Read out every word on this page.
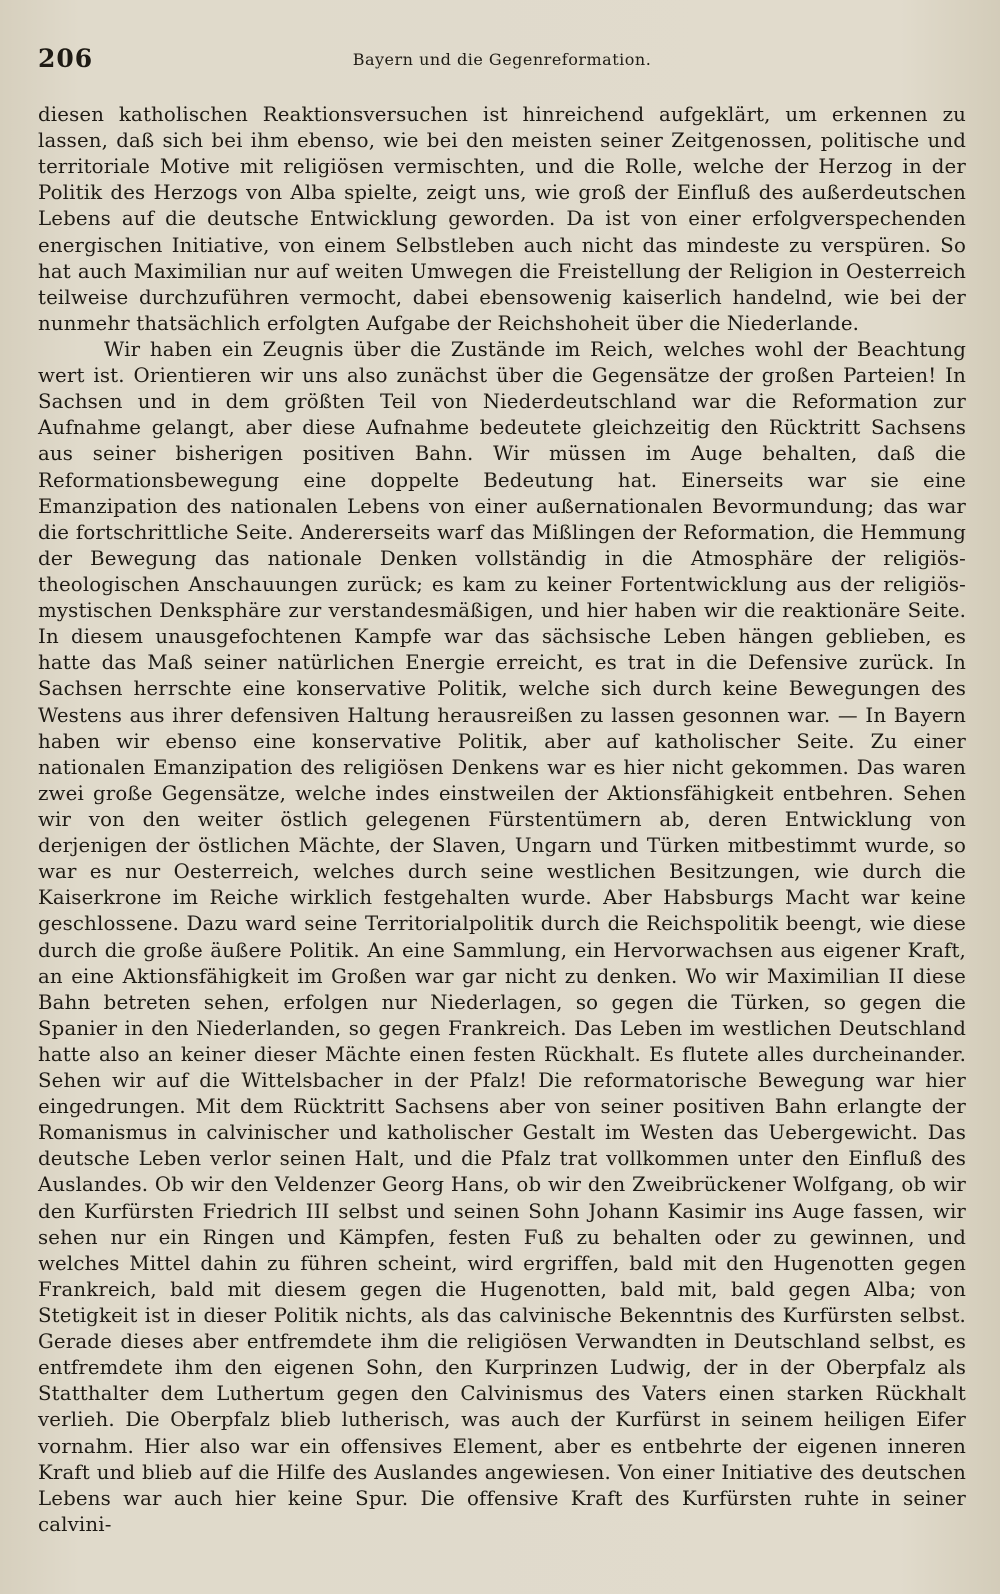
206	Bayern und die Gegenreformation.

diesen katholischen Reaktionsversuchen ist hinreichend aufgeklärt, um erkennen zu lassen, daß sich bei ihm ebenso, wie bei den meisten seiner Zeitgenossen, politische und territoriale Motive mit religiösen vermischten, und die Rolle, welche der Herzog in der Politik des Herzogs von Alba spielte, zeigt uns, wie groß der Einfluß des außerdeutschen Lebens auf die deutsche Entwicklung geworden. Da ist von einer erfolgverspechenden energischen Initiative, von einem Selbstleben auch nicht das mindeste zu verspüren. So hat auch Maximilian nur auf weiten Umwegen die Freistellung der Religion in Oesterreich teilweise durchzuführen vermocht, dabei ebensowenig kaiserlich handelnd, wie bei der nunmehr thatsächlich erfolgten Aufgabe der Reichshoheit über die Niederlande.

Wir haben ein Zeugnis über die Zustände im Reich, welches wohl der Beachtung wert ist. Orientieren wir uns also zunächst über die Gegensätze der großen Parteien! In Sachsen und in dem größten Teil von Niederdeutschland war die Reformation zur Aufnahme gelangt, aber diese Aufnahme bedeutete gleichzeitig den Rücktritt Sachsens aus seiner bisherigen positiven Bahn. Wir müssen im Auge behalten, daß die Reformationsbewegung eine doppelte Bedeutung hat. Einerseits war sie eine Emanzipation des nationalen Lebens von einer außernationalen Bevormundung; das war die fortschrittliche Seite. Andererseits warf das Mißlingen der Reformation, die Hemmung der Bewegung das nationale Denken vollständig in die Atmosphäre der religiös-theologischen Anschauungen zurück; es kam zu keiner Fortentwicklung aus der religiös-mystischen Denksphäre zur verstandesmäßigen, und hier haben wir die reaktionäre Seite. In diesem unausgefochtenen Kampfe war das sächsische Leben hängen geblieben, es hatte das Maß seiner natürlichen Energie erreicht, es trat in die Defensive zurück. In Sachsen herrschte eine konservative Politik, welche sich durch keine Bewegungen des Westens aus ihrer defensiven Haltung herausreißen zu lassen gesonnen war. — In Bayern haben wir ebenso eine konservative Politik, aber auf katholischer Seite. Zu einer nationalen Emanzipation des religiösen Denkens war es hier nicht gekommen. Das waren zwei große Gegensätze, welche indes einstweilen der Aktionsfähigkeit entbehren. Sehen wir von den weiter östlich gelegenen Fürstentümern ab, deren Entwicklung von derjenigen der östlichen Mächte, der Slaven, Ungarn und Türken mitbestimmt wurde, so war es nur Oesterreich, welches durch seine westlichen Besitzungen, wie durch die Kaiserkrone im Reiche wirklich festgehalten wurde. Aber Habsburgs Macht war keine geschlossene. Dazu ward seine Territorialpolitik durch die Reichspolitik beengt, wie diese durch die große äußere Politik. An eine Sammlung, ein Hervorwachsen aus eigener Kraft, an eine Aktionsfähigkeit im Großen war gar nicht zu denken. Wo wir Maximilian II diese Bahn betreten sehen, erfolgen nur Niederlagen, so gegen die Türken, so gegen die Spanier in den Niederlanden, so gegen Frankreich. Das Leben im westlichen Deutschland hatte also an keiner dieser Mächte einen festen Rückhalt. Es flutete alles durcheinander. Sehen wir auf die Wittelsbacher in der Pfalz! Die reformatorische Bewegung war hier eingedrungen. Mit dem Rücktritt Sachsens aber von seiner positiven Bahn erlangte der Romanismus in calvinischer und katholischer Gestalt im Westen das Uebergewicht. Das deutsche Leben verlor seinen Halt, und die Pfalz trat vollkommen unter den Einfluß des Auslandes. Ob wir den Veldenzer Georg Hans, ob wir den Zweibrückener Wolfgang, ob wir den Kurfürsten Friedrich III selbst und seinen Sohn Johann Kasimir ins Auge fassen, wir sehen nur ein Ringen und Kämpfen, festen Fuß zu behalten oder zu gewinnen, und welches Mittel dahin zu führen scheint, wird ergriffen, bald mit den Hugenotten gegen Frankreich, bald mit diesem gegen die Hugenotten, bald mit, bald gegen Alba; von Stetigkeit ist in dieser Politik nichts, als das calvinische Bekenntnis des Kurfürsten selbst. Gerade dieses aber entfremdete ihm die religiösen Verwandten in Deutschland selbst, es entfremdete ihm den eigenen Sohn, den Kurprinzen Ludwig, der in der Oberpfalz als Statthalter dem Luthertum gegen den Calvinismus des Vaters einen starken Rückhalt verlieh. Die Oberpfalz blieb lutherisch, was auch der Kurfürst in seinem heiligen Eifer vornahm. Hier also war ein offensives Element, aber es entbehrte der eigenen inneren Kraft und blieb auf die Hilfe des Auslandes angewiesen. Von einer Initiative des deutschen Lebens war auch hier keine Spur. Die offensive Kraft des Kurfürsten ruhte in seiner calvini-
